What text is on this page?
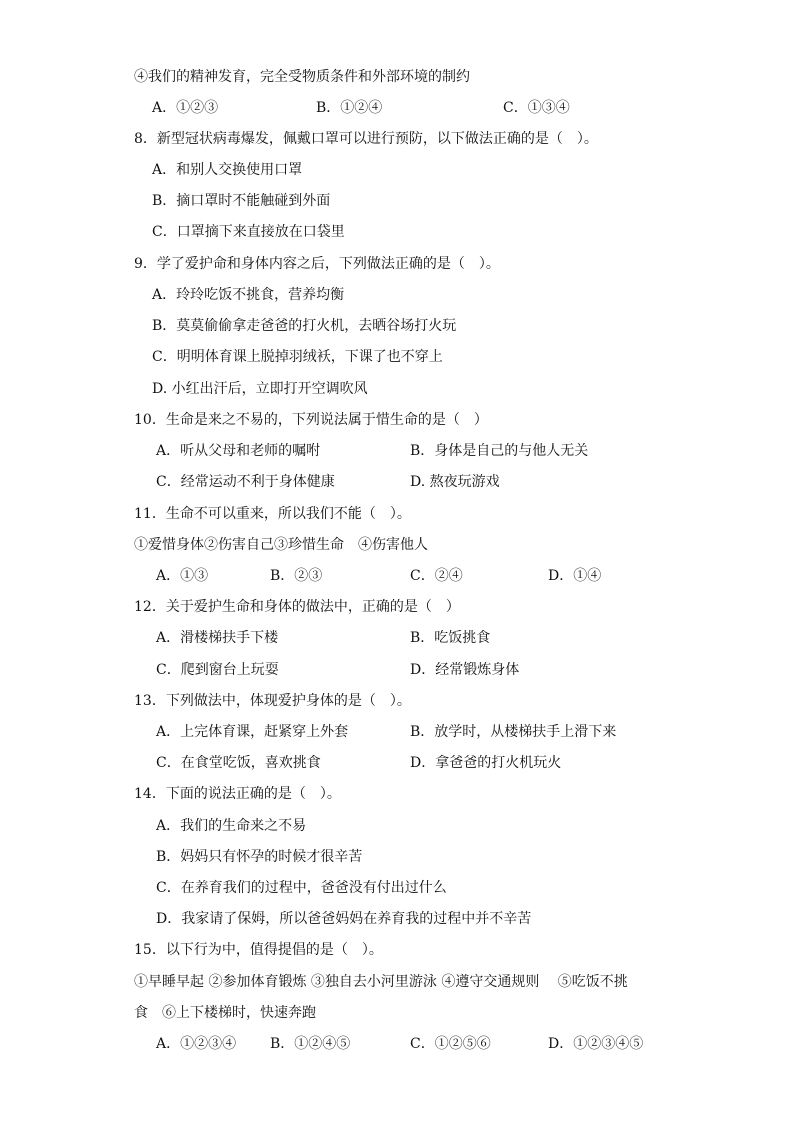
④我们的精神发育，完全受物质条件和外部环境的制约
A．①②③	B．①②④	C．①③④
8．新型冠状病毒爆发，佩戴口罩可以进行预防，以下做法正确的是（　）。
A．和别人交换使用口罩
B．摘口罩时不能触碰到外面
C．口罩摘下来直接放在口袋里
9．学了爱护命和身体内容之后，下列做法正确的是（　）。
A．玲玲吃饭不挑食，营养均衡
B．莫莫偷偷拿走爸爸的打火机，去晒谷场打火玩
C．明明体育课上脱掉羽绒袄，下课了也不穿上
D. 小红出汗后，立即打开空调吹风
10．生命是来之不易的，下列说法属于惜生命的是（　）
A．听从父母和老师的嘱咐	B．身体是自己的与他人无关
C．经常运动不利于身体健康	D. 熬夜玩游戏
11．生命不可以重来，所以我们不能（　）。
①爱惜身体②伤害自己③珍惜生命　④伤害他人
A．①③	B．②③	C．②④	D．①④
12．关于爱护生命和身体的做法中，正确的是（　）
A．滑楼梯扶手下楼	B．吃饭挑食
C．爬到窗台上玩耍	D．经常锻炼身体
13．下列做法中，体现爱护身体的是（　）。
A．上完体育课，赶紧穿上外套	B．放学时，从楼梯扶手上滑下来
C．在食堂吃饭，喜欢挑食	D．拿爸爸的打火机玩火
14．下面的说法正确的是（　）。
A．我们的生命来之不易
B．妈妈只有怀孕的时候才很辛苦
C．在养育我们的过程中，爸爸没有付出过什么
D．我家请了保姆，所以爸爸妈妈在养育我的过程中并不辛苦
15．以下行为中，值得提倡的是（　）。
①早睡早起 ②参加体育锻炼 ③独自去小河里游泳 ④遵守交通规则　 ⑤吃饭不挑
食　⑥上下楼梯时，快速奔跑
A．①②③④ B．①②④⑤	C．①②⑤⑥	D．①②③④⑤
